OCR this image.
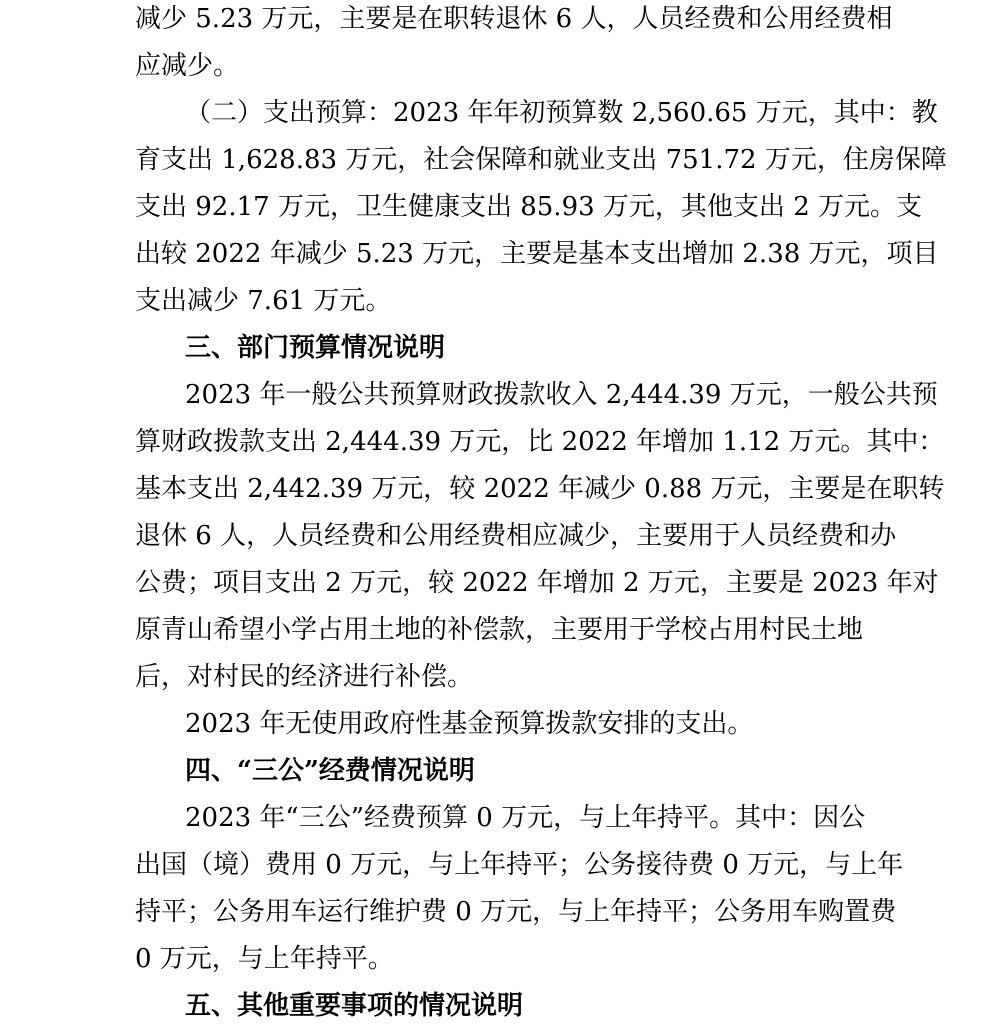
减少 5.23 万元，主要是在职转退休 6 人，人员经费和公用经费相
应减少。
（二）支出预算：2023 年年初预算数 2,560.65 万元，其中：教
育支出 1,628.83 万元，社会保障和就业支出 751.72 万元，住房保障
支出 92.17 万元，卫生健康支出 85.93 万元，其他支出 2 万元。支
出较 2022 年减少 5.23 万元，主要是基本支出增加 2.38 万元，项目
支出减少 7.61 万元。
三、部门预算情况说明
2023 年一般公共预算财政拨款收入 2,444.39 万元，一般公共预
算财政拨款支出 2,444.39 万元，比 2022 年增加 1.12 万元。其中：
基本支出 2,442.39 万元，较 2022 年减少 0.88 万元，主要是在职转
退休 6 人，人员经费和公用经费相应减少，主要用于人员经费和办
公费；项目支出 2 万元，较 2022 年增加 2 万元，主要是 2023 年对
原青山希望小学占用土地的补偿款，主要用于学校占用村民土地
后，对村民的经济进行补偿。
2023 年无使用政府性基金预算拨款安排的支出。
四、“三公”经费情况说明
2023 年“三公”经费预算 0 万元，与上年持平。其中：因公
出国（境）费用 0 万元，与上年持平；公务接待费 0 万元，与上年
持平；公务用车运行维护费 0 万元，与上年持平；公务用车购置费
0 万元，与上年持平。
五、其他重要事项的情况说明
